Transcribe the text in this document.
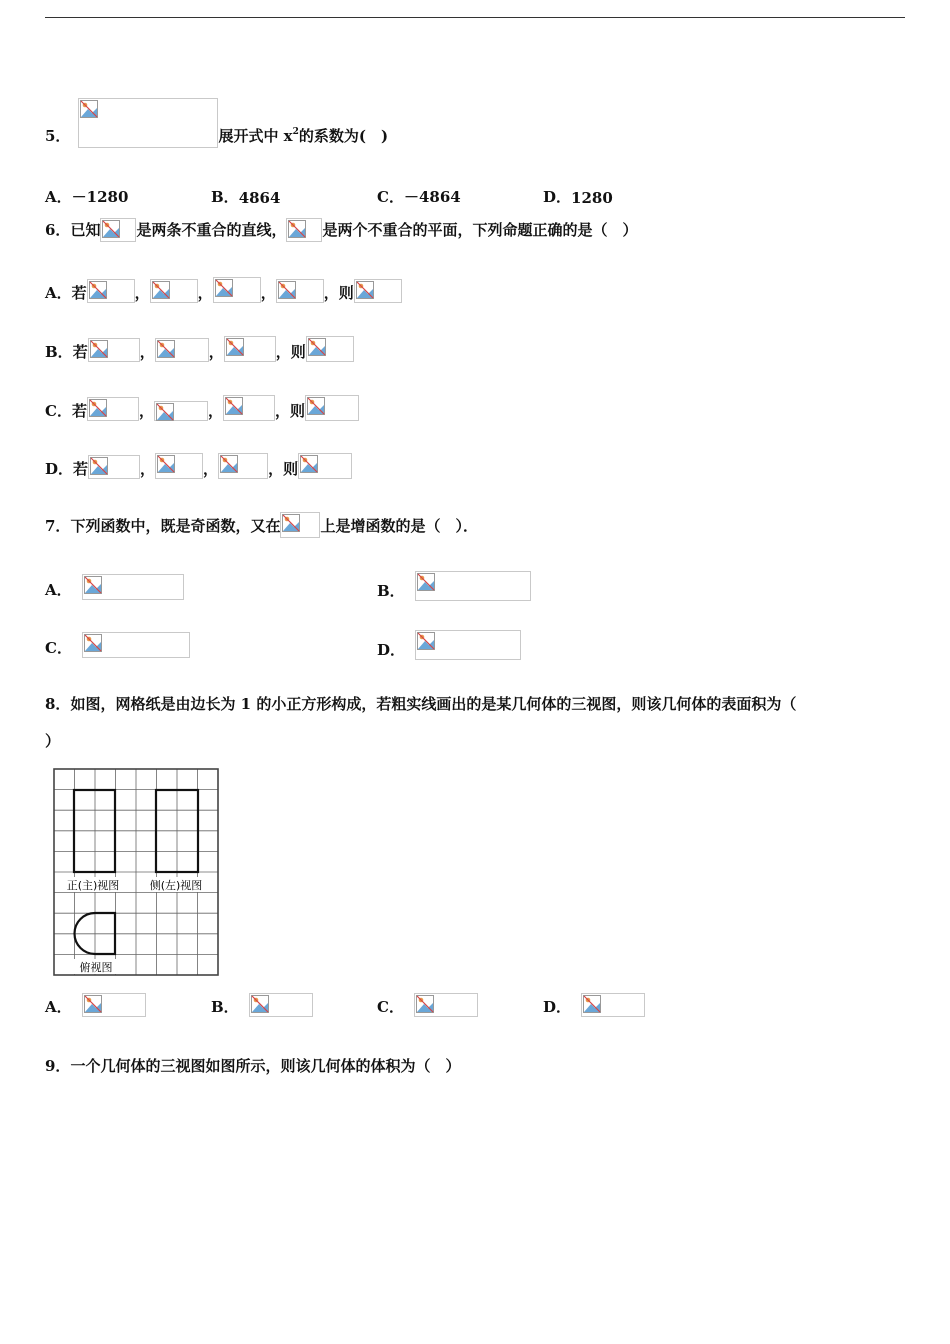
5．	展开式中 $x^2$的系数为(　)
A． －1280	B． 4864	C． －4864	D． 1280
6． 已知 是两条不重合的直线， 是两个不重合的平面，下列命题正确的是（　）
A． 若	，	，	，	，则
B． 若	，	，	，则
C． 若	，	，	，则
D． 若	，	，	，则
7． 下列函数中，既是奇函数，又在	上是增函数的是（　）．
A．	B．
C．	D．
8． 如图，网格纸是由边长为 1 的小正方形构成，若粗实线画出的是某几何体的三视图，则该几何体的表面积为（
）
正(主)视图	侧(左)视图
俯视图
A．	B．	C．	D．
9． 一个几何体的三视图如图所示，则该几何体的体积为（　）
